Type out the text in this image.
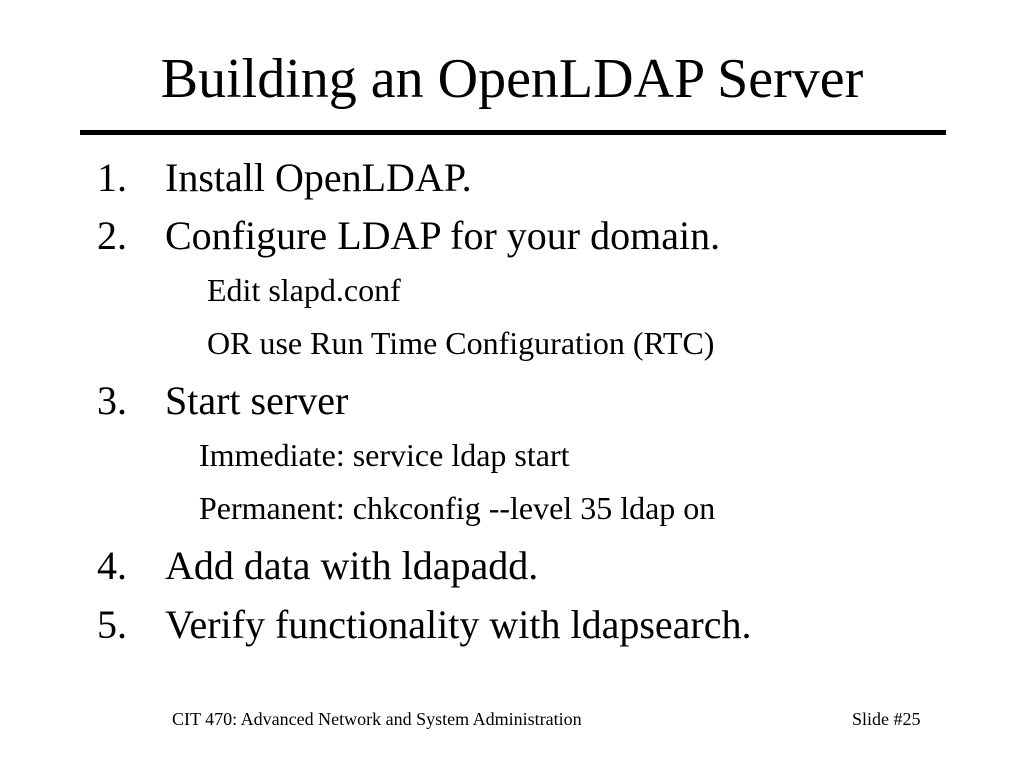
Building an OpenLDAP Server
1. Install OpenLDAP.
2. Configure LDAP for your domain.
Edit slapd.conf
OR use Run Time Configuration (RTC)
3. Start server
Immediate: service ldap start
Permanent: chkconfig --level 35 ldap on
4. Add data with ldapadd.
5. Verify functionality with ldapsearch.
CIT 470: Advanced Network and System Administration	Slide #25
